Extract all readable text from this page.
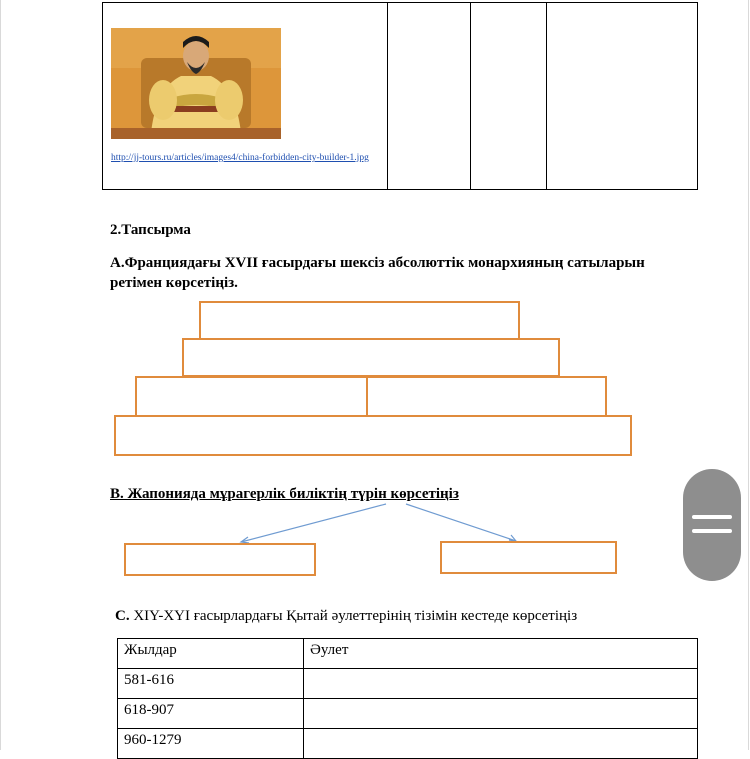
http://jj-tours.ru/articles/images4/china-forbidden-city-builder-1.jpg
2.Тапсырма
А.Франциядағы XVII ғасырдағы шексіз абсолюттік монархияның сатыларын ретімен көрсетіңіз.
В. Жапонияда мұрагерлік биліктің түрін көрсетіңіз
С. XIY-XYI ғасырлардағы Қытай әулеттерінің тізімін кестеде көрсетіңіз
Жылдар	Әулет
581-616	
618-907	
960-1279	
